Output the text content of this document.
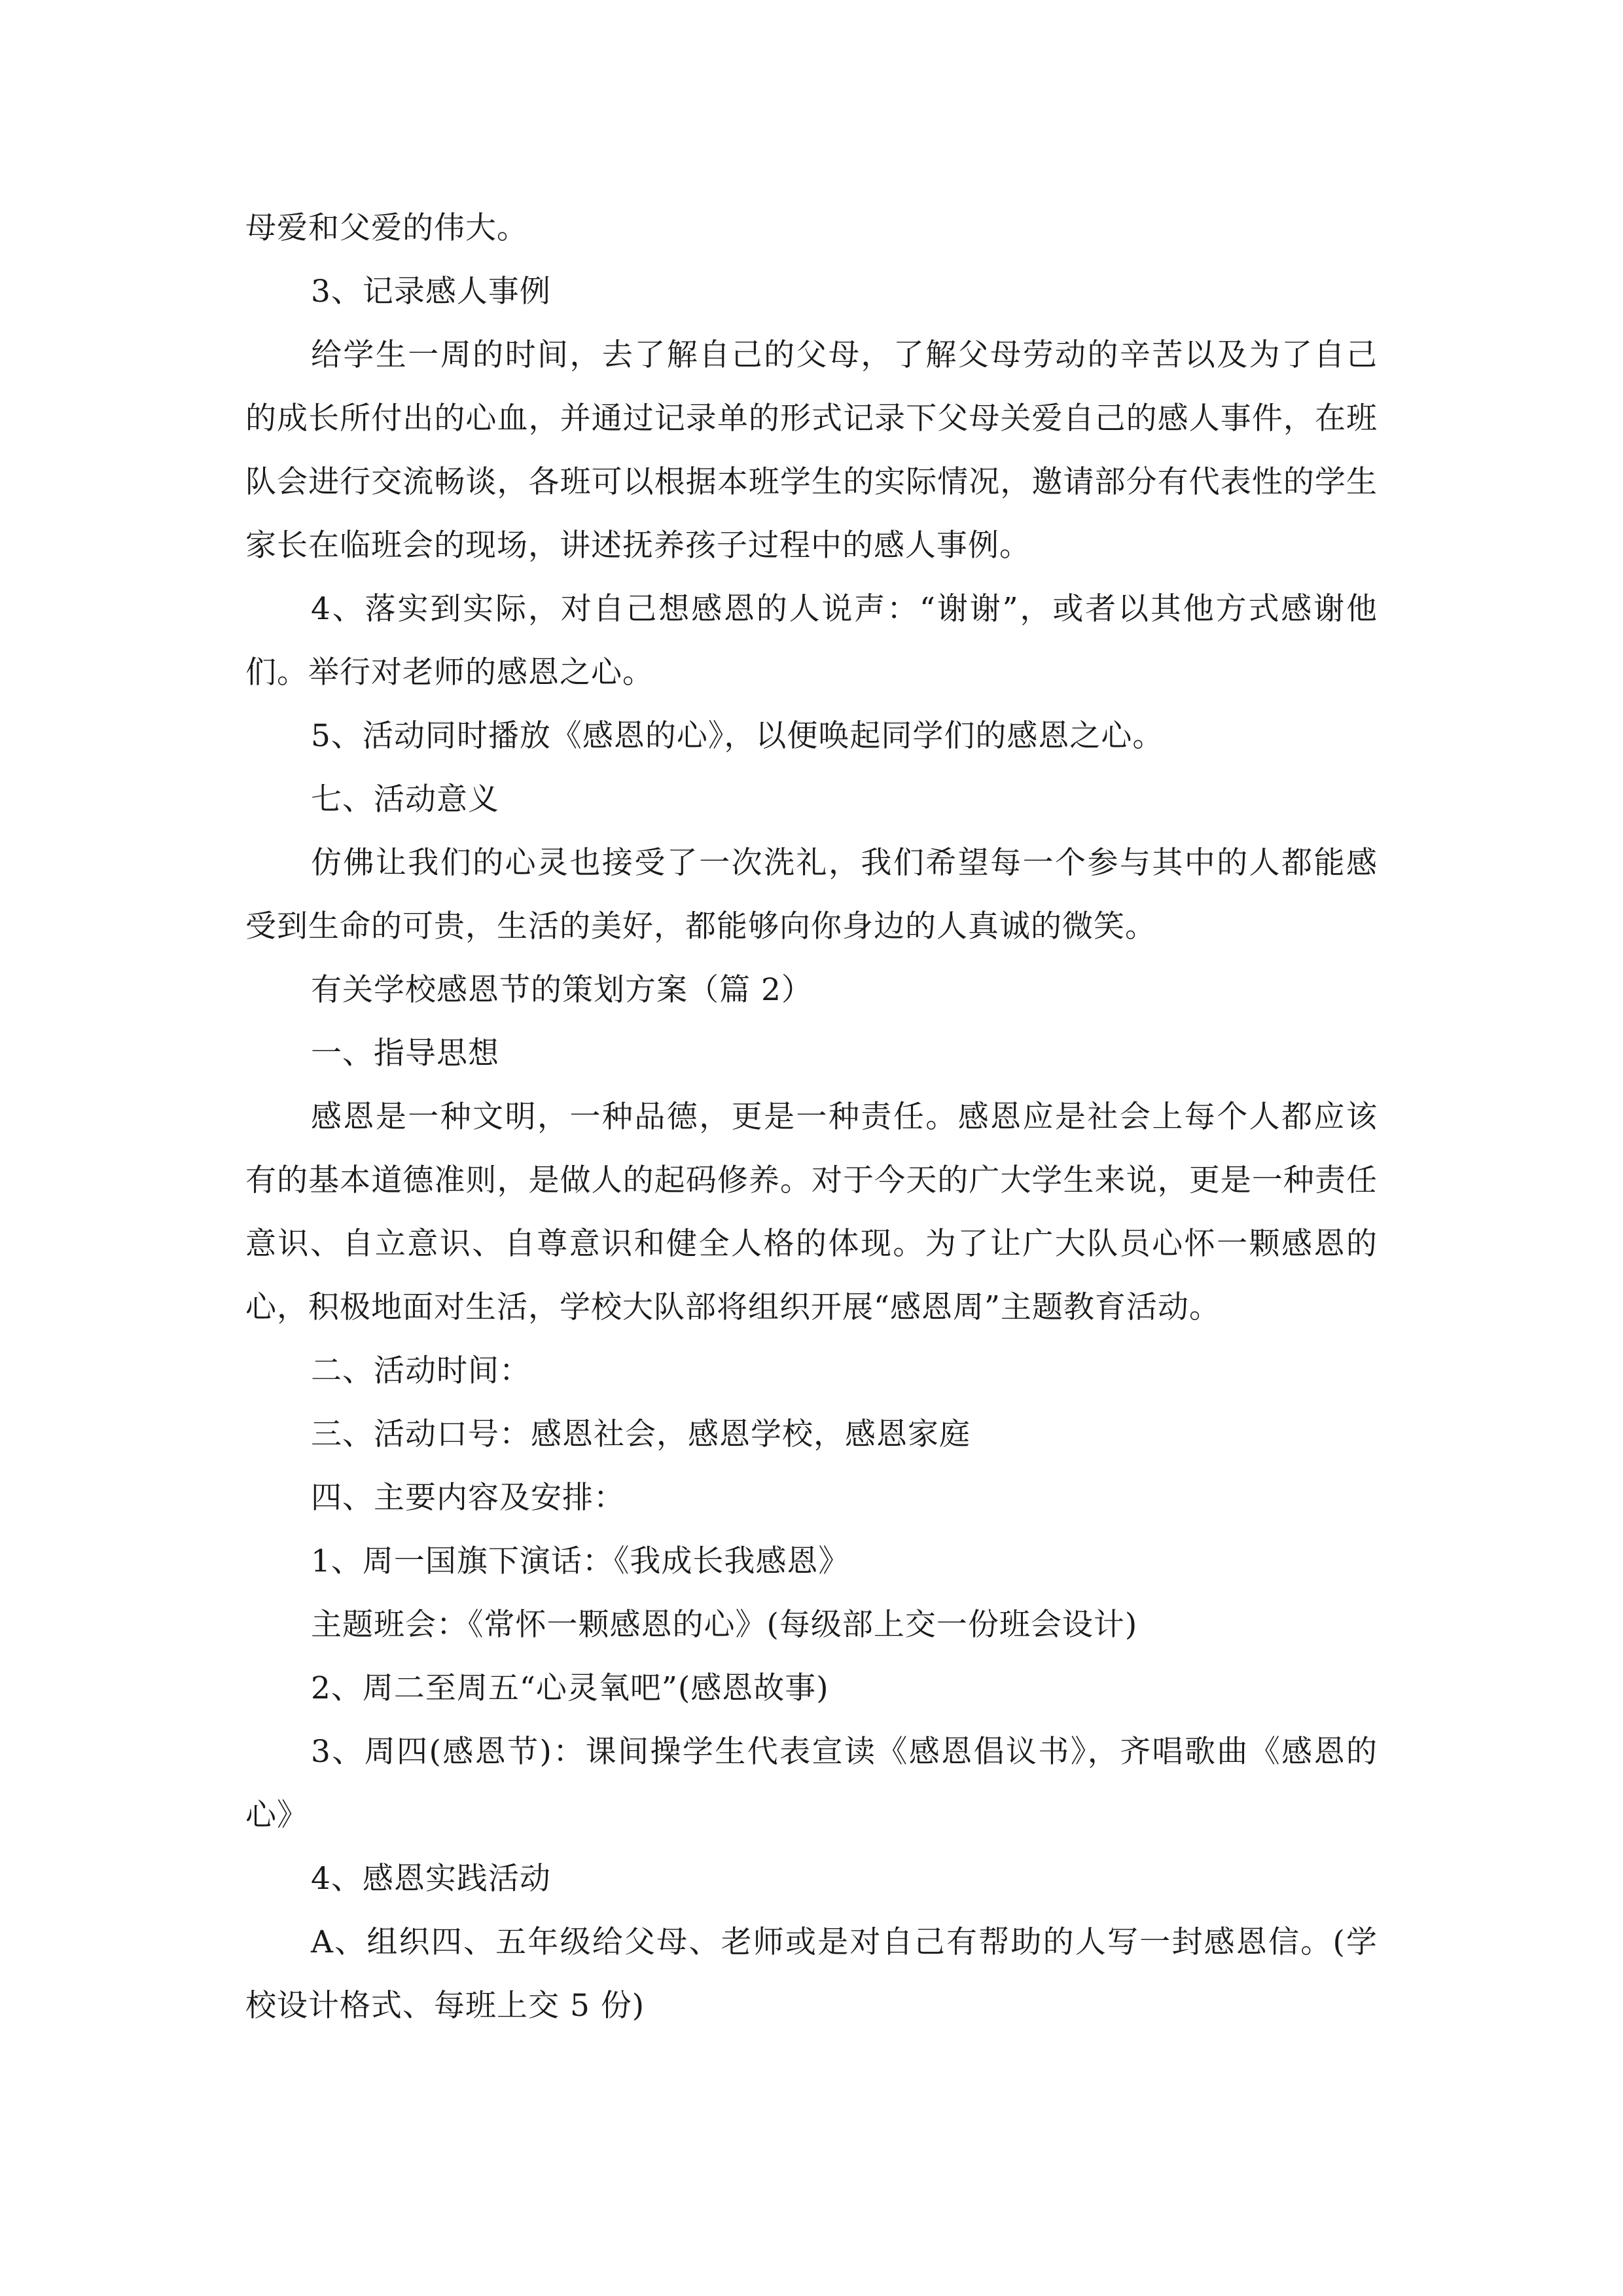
母爱和父爱的伟大。

3、记录感人事例

给学生一周的时间，去了解自己的父母，了解父母劳动的辛苦以及为了自己的成长所付出的心血，并通过记录单的形式记录下父母关爱自己的感人事件，在班队会进行交流畅谈，各班可以根据本班学生的实际情况，邀请部分有代表性的学生家长在临班会的现场，讲述抚养孩子过程中的感人事例。

4、落实到实际，对自己想感恩的人说声：“谢谢”，或者以其他方式感谢他们。举行对老师的感恩之心。

5、活动同时播放《感恩的心》，以便唤起同学们的感恩之心。

七、活动意义

仿佛让我们的心灵也接受了一次洗礼，我们希望每一个参与其中的人都能感受到生命的可贵，生活的美好，都能够向你身边的人真诚的微笑。

有关学校感恩节的策划方案（篇 2）

一、指导思想

感恩是一种文明，一种品德，更是一种责任。感恩应是社会上每个人都应该有的基本道德准则，是做人的起码修养。对于今天的广大学生来说，更是一种责任意识、自立意识、自尊意识和健全人格的体现。为了让广大队员心怀一颗感恩的心，积极地面对生活，学校大队部将组织开展“感恩周”主题教育活动。

二、活动时间：

三、活动口号：感恩社会，感恩学校，感恩家庭

四、主要内容及安排：

1、周一国旗下演话：《我成长我感恩》

主题班会：《常怀一颗感恩的心》(每级部上交一份班会设计)

2、周二至周五“心灵氧吧”(感恩故事)

3、周四(感恩节)：课间操学生代表宣读《感恩倡议书》，齐唱歌曲《感恩的心》

4、感恩实践活动

A、组织四、五年级给父母、老师或是对自己有帮助的人写一封感恩信。(学校设计格式、每班上交 5 份)
